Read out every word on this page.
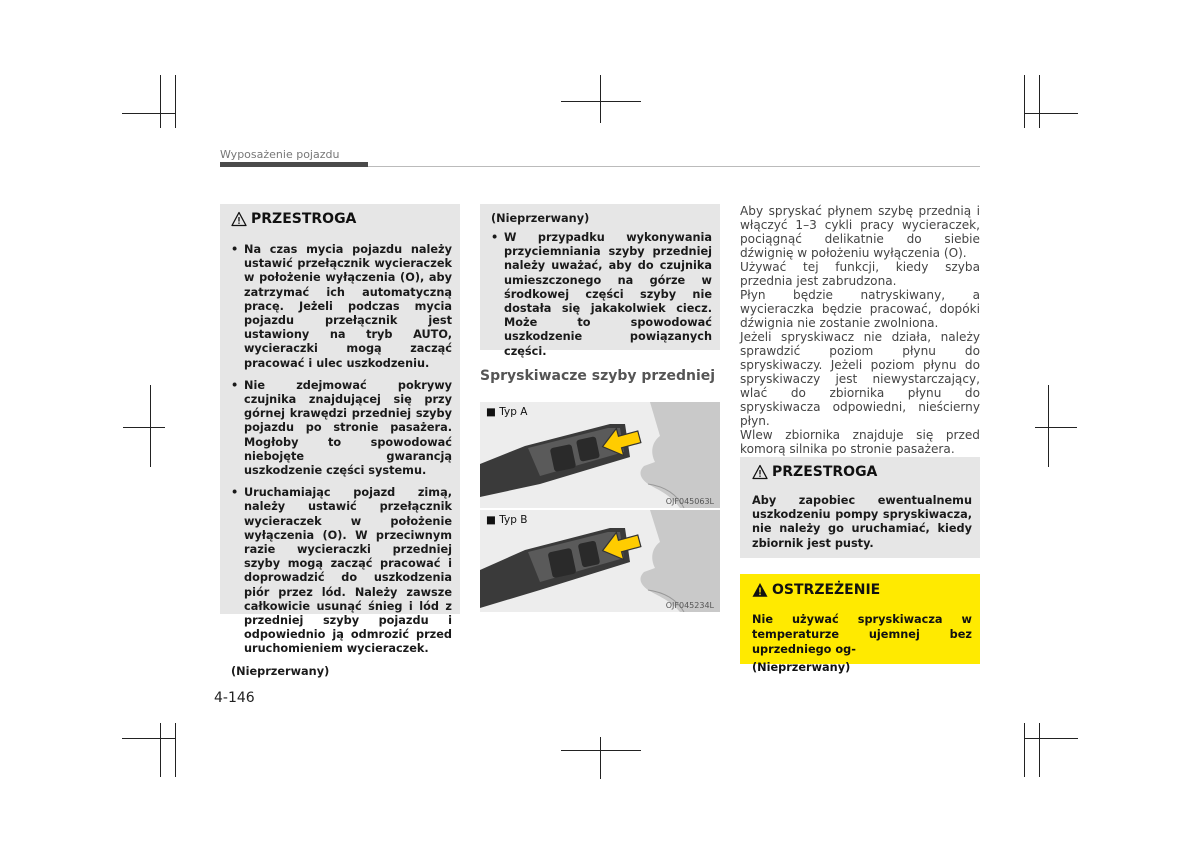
Wyposażenie pojazdu
PRZESTROGA
• Na czas mycia pojazdu należy ustawić przełącznik wycieraczek w położenie wyłączenia (O), aby zatrzymać ich automatyczną pracę. Jeżeli podczas mycia pojazdu przełącznik jest ustawiony na tryb AUTO, wycieraczki mogą zacząć pracować i ulec uszkodzeniu.
• Nie zdejmować pokrywy czujnika znajdującej się przy górnej krawędzi przedniej szyby pojazdu po stronie pasażera. Mogłoby to spowodować niebojęte gwarancją uszkodzenie części systemu.
• Uruchamiając pojazd zimą, należy ustawić przełącznik wycieraczek w położenie wyłączenia (O). W przeciwnym razie wycieraczki przedniej szyby mogą zacząć pracować i doprowadzić do uszkodzenia piór przez lód. Należy zawsze całkowicie usunąć śnieg i lód z przedniej szyby pojazdu i odpowiednio ją odmrozić przed uruchomieniem wycieraczek.
(Nieprzerwany)
(Nieprzerwany)
• W przypadku wykonywania przyciemniania szyby przedniej należy uważać, aby do czujnika umieszczonego na górze w środkowej części szyby nie dostała się jakakolwiek ciecz. Może to spowodować uszkodzenie powiązanych części.
Spryskiwacze szyby przedniej
■ Typ A
OJF045063L
■ Typ B
OJF045234L

Aby spryskać płynem szybę przednią i włączyć 1–3 cykli pracy wycieraczek, pociągnąć delikatnie do siebie dźwignię w położeniu wyłączenia (O).

Używać tej funkcji, kiedy szyba przednia jest zabrudzona.

Płyn będzie natryskiwany, a wycieraczka będzie pracować, dopóki dźwignia nie zostanie zwolniona.

Jeżeli spryskiwacz nie działa, należy sprawdzić poziom płynu do spryskiwaczy. Jeżeli poziom płynu do spryskiwaczy jest niewystarczający, wlać do zbiornika płynu do spryskiwacza odpowiedni, nieścierny płyn.

Wlew zbiornika znajduje się przed komorą silnika po stronie pasażera.

PRZESTROGA
Aby zapobiec ewentualnemu uszkodzeniu pompy spryskiwacza, nie należy go uruchamiać, kiedy zbiornik jest pusty.
OSTRZEŻENIE
Nie używać spryskiwacza w temperaturze ujemnej bez uprzedniego og-
(Nieprzerwany)
4-146
